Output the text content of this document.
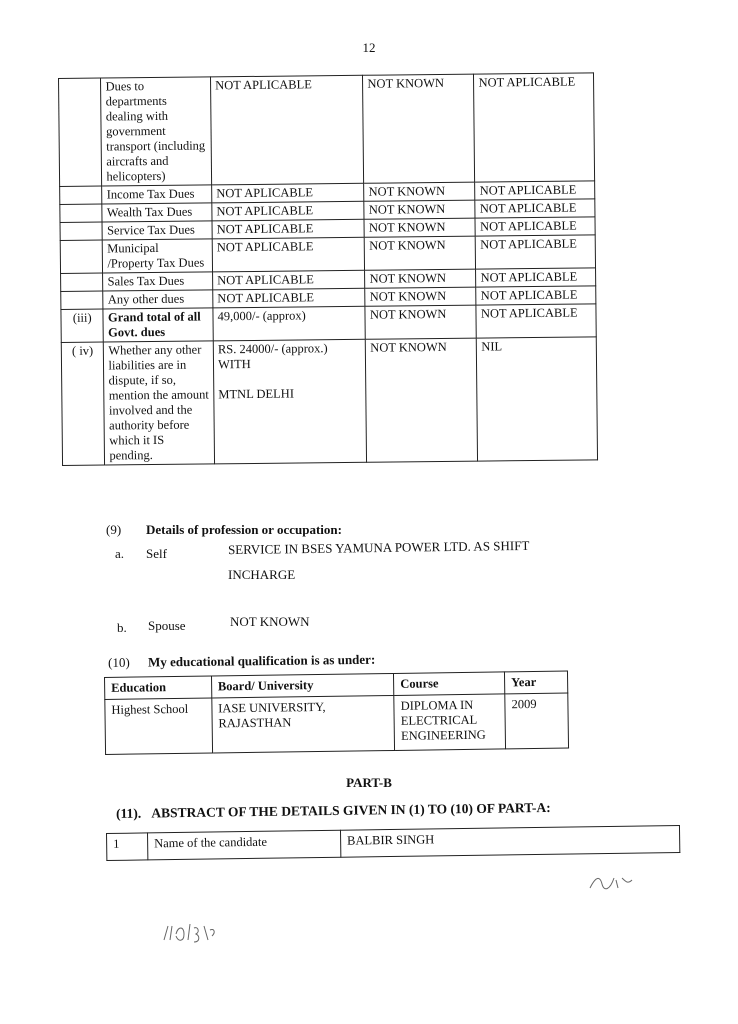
12
	Dues to departments dealing with government transport (including aircrafts and helicopters)	NOT APLICABLE	NOT KNOWN	NOT APLICABLE
	Income Tax Dues	NOT APLICABLE	NOT KNOWN	NOT APLICABLE
	Wealth Tax Dues	NOT APLICABLE	NOT KNOWN	NOT APLICABLE
	Service Tax Dues	NOT APLICABLE	NOT KNOWN	NOT APLICABLE
	Municipal /Property Tax Dues	NOT APLICABLE	NOT KNOWN	NOT APLICABLE
	Sales Tax Dues	NOT APLICABLE	NOT KNOWN	NOT APLICABLE
	Any other dues	NOT APLICABLE	NOT KNOWN	NOT APLICABLE
(iii)	Grand total of all Govt. dues	49,000/- (approx)	NOT KNOWN	NOT APLICABLE
( iv)	Whether any other liabilities are in dispute, if so, mention the amount involved and the authority before which it IS pending.	RS. 24000/- (approx.)
WITH

MTNL DELHI	NOT KNOWN	NIL
(9) Details of profession or occupation:
a. Self	SERVICE IN BSES YAMUNA POWER LTD. AS SHIFT
INCHARGE
b. Spouse	NOT KNOWN
(10) My educational qualification is as under:
Education	Board/ University	Course	Year
Highest School	IASE UNIVERSITY, RAJASTHAN	DIPLOMA IN ELECTRICAL ENGINEERING	2009
PART-B
(11). ABSTRACT OF THE DETAILS GIVEN IN (1) TO (10) OF PART-A:
1	Name of the candidate	BALBIR SINGH
